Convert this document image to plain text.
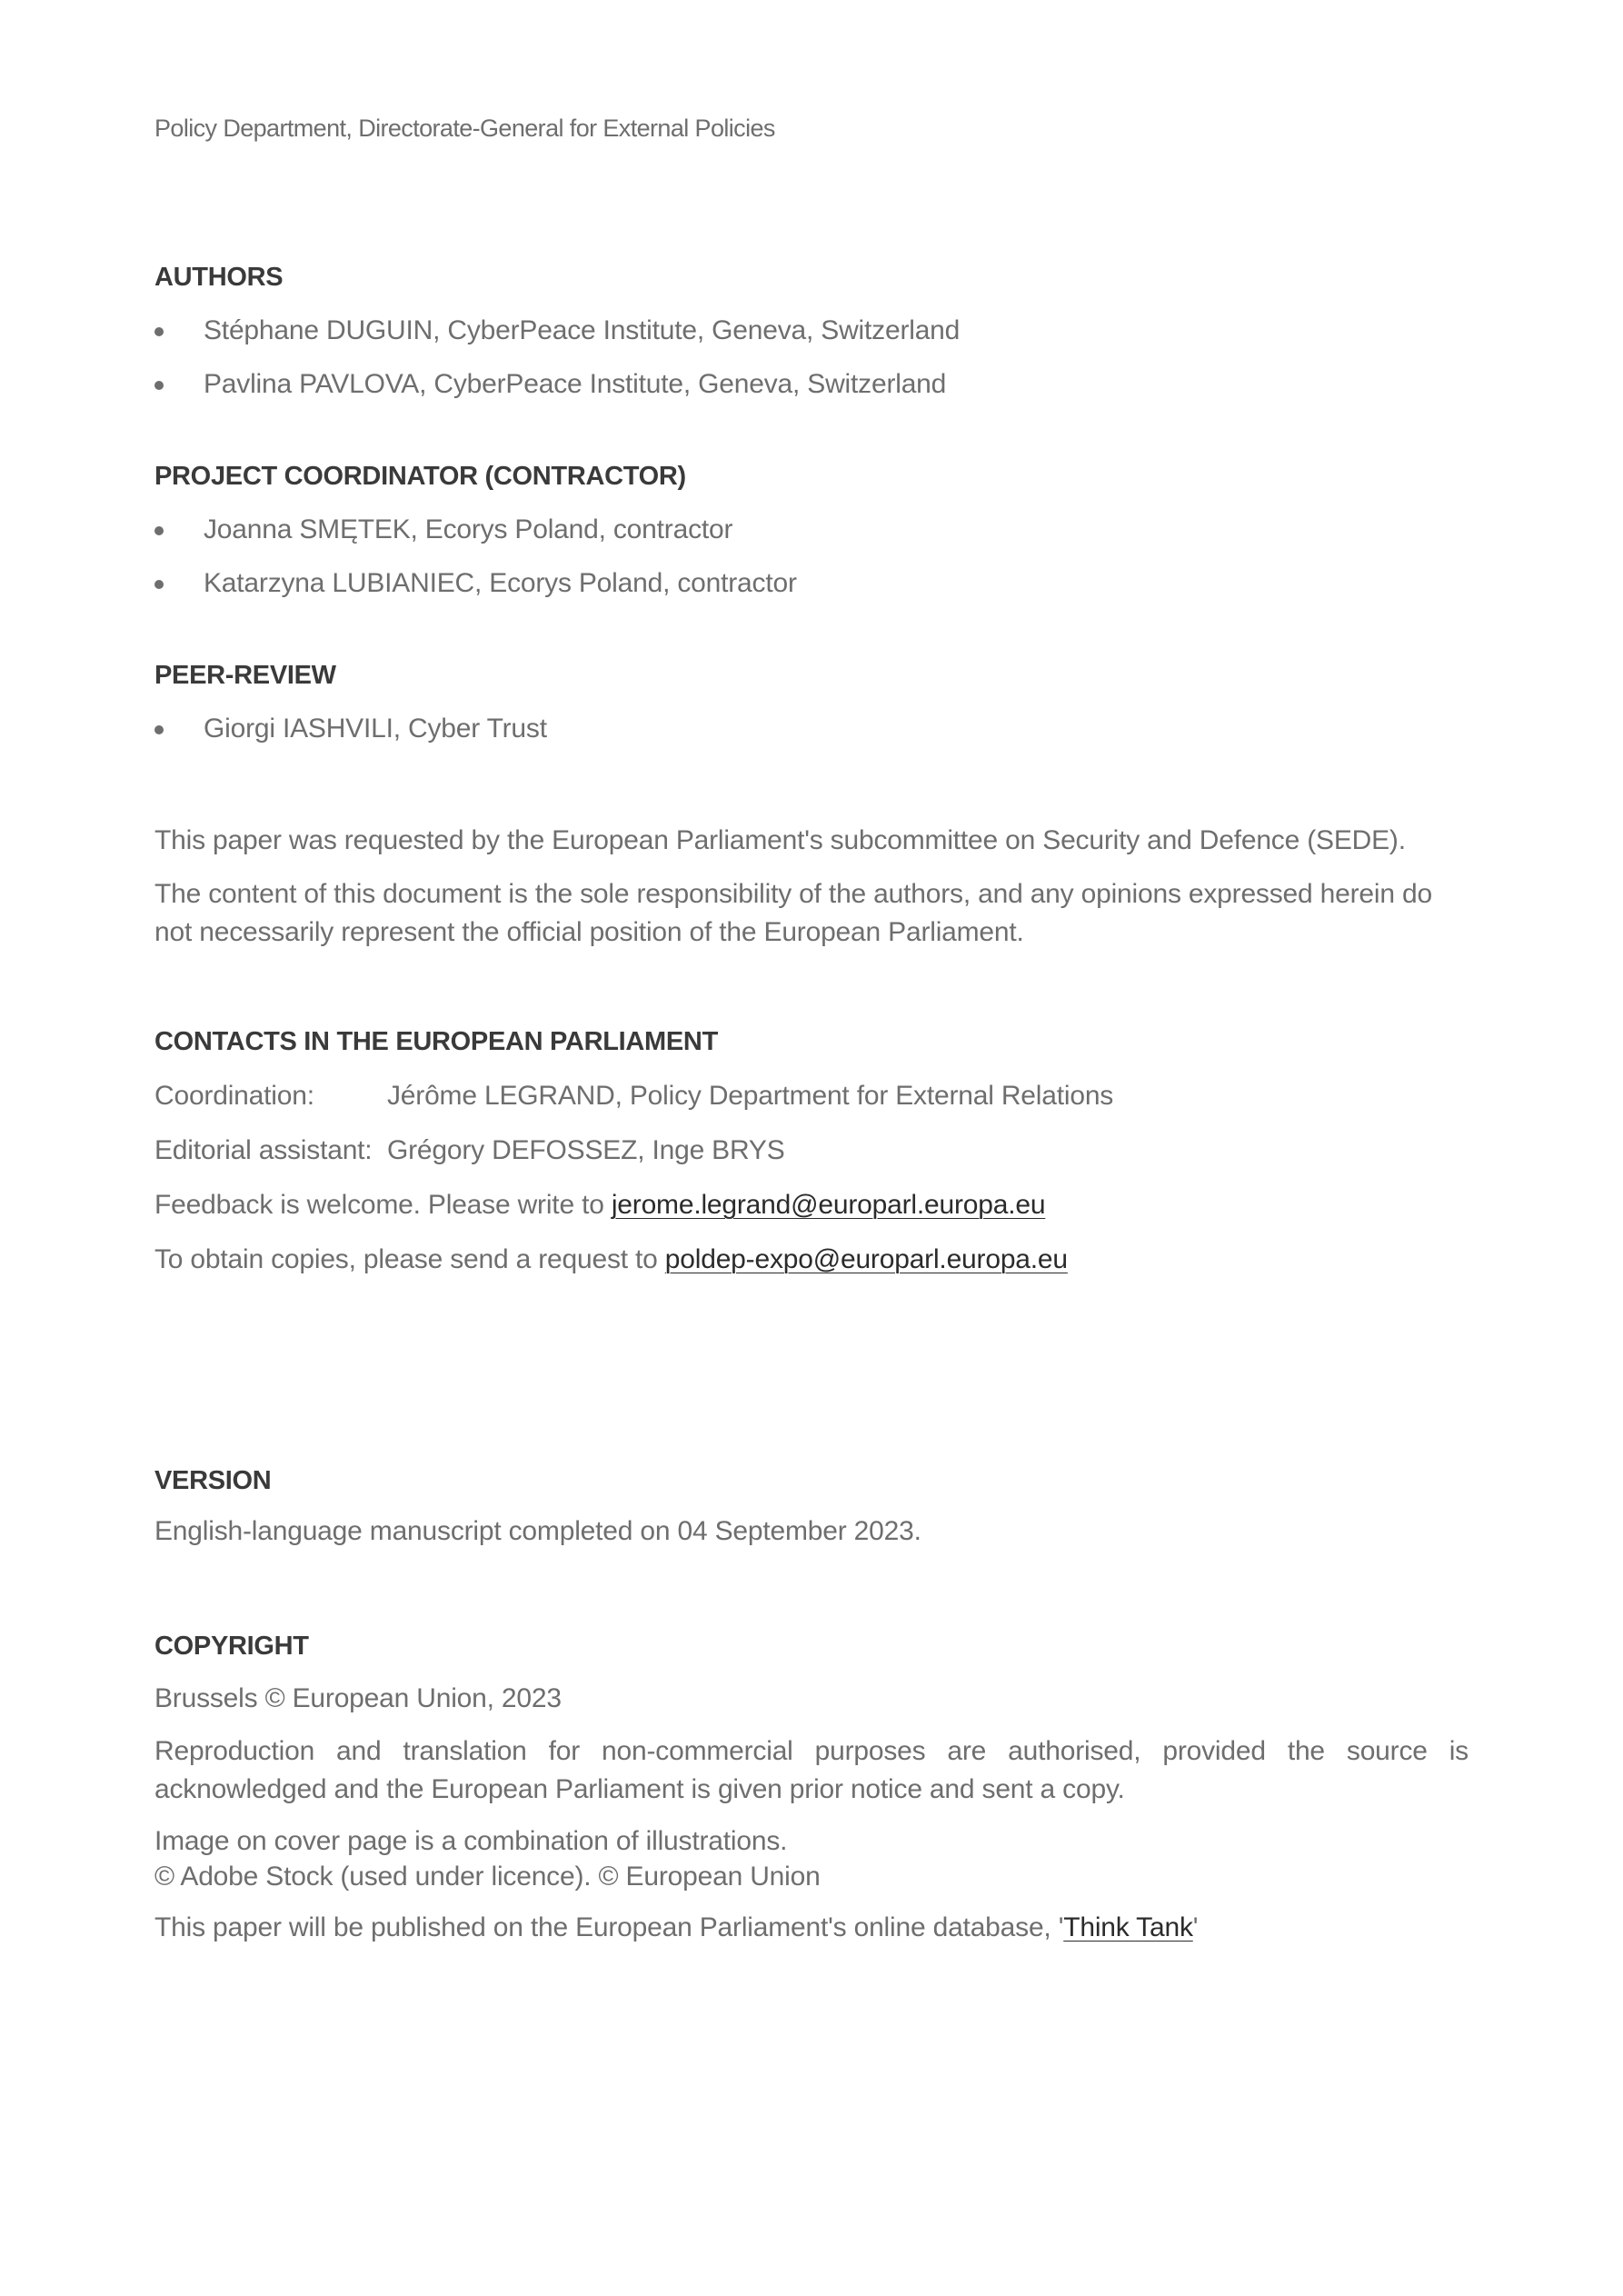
Policy Department, Directorate-General for External Policies
AUTHORS
Stéphane DUGUIN, CyberPeace Institute, Geneva, Switzerland
Pavlina PAVLOVA, CyberPeace Institute, Geneva, Switzerland
PROJECT COORDINATOR (CONTRACTOR)
Joanna SMĘTEK, Ecorys Poland, contractor
Katarzyna LUBIANIEC, Ecorys Poland, contractor
PEER-REVIEW
Giorgi IASHVILI, Cyber Trust

This paper was requested by the European Parliament's subcommittee on Security and Defence (SEDE).

The content of this document is the sole responsibility of the authors, and any opinions expressed herein do not necessarily represent the official position of the European Parliament.

CONTACTS IN THE EUROPEAN PARLIAMENT
Coordination:	Jérôme LEGRAND, Policy Department for External Relations
Editorial assistant: Grégory DEFOSSEZ, Inge BRYS
Feedback is welcome. Please write to jerome.legrand@europarl.europa.eu
To obtain copies, please send a request to poldep-expo@europarl.europa.eu
VERSION

English-language manuscript completed on 04 September 2023.

COPYRIGHT

Brussels © European Union, 2023

Reproduction and translation for non-commercial purposes are authorised, provided the source is acknowledged and the European Parliament is given prior notice and sent a copy.

Image on cover page is a combination of illustrations.

© Adobe Stock (used under licence). © European Union

This paper will be published on the European Parliament's online database, 'Think Tank'
